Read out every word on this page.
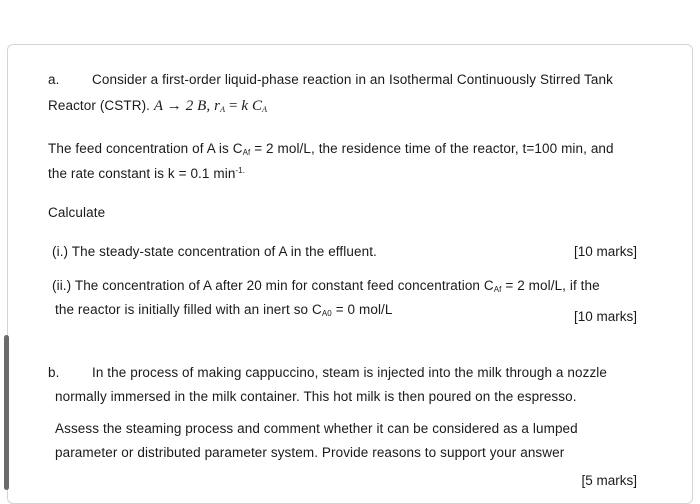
a. Consider a first-order liquid-phase reaction in an Isothermal Continuously Stirred Tank
Reactor (CSTR). A → 2 B, $r_A = k$ $C_A$
The feed concentration of A is $C_{Af} = 2$ mol/L, the residence time of the reactor, t=100 min, and
the rate constant is k = 0.1 $\min^{-1.}$
Calculate
(i.) The steady-state concentration of A in the effluent.	[10 marks]
(ii.) The concentration of A after 20 min for constant feed concentration $C_{Af} = 2$ mol/L, if the
the reactor is initially filled with an inert so $C_{A0} = 0$ mol/L	[10 marks]
b. In the process of making cappuccino, steam is injected into the milk through a nozzle
normally immersed in the milk container. This hot milk is then poured on the espresso.
Assess the steaming process and comment whether it can be considered as a lumped
parameter or distributed parameter system. Provide reasons to support your answer
[5 marks]
